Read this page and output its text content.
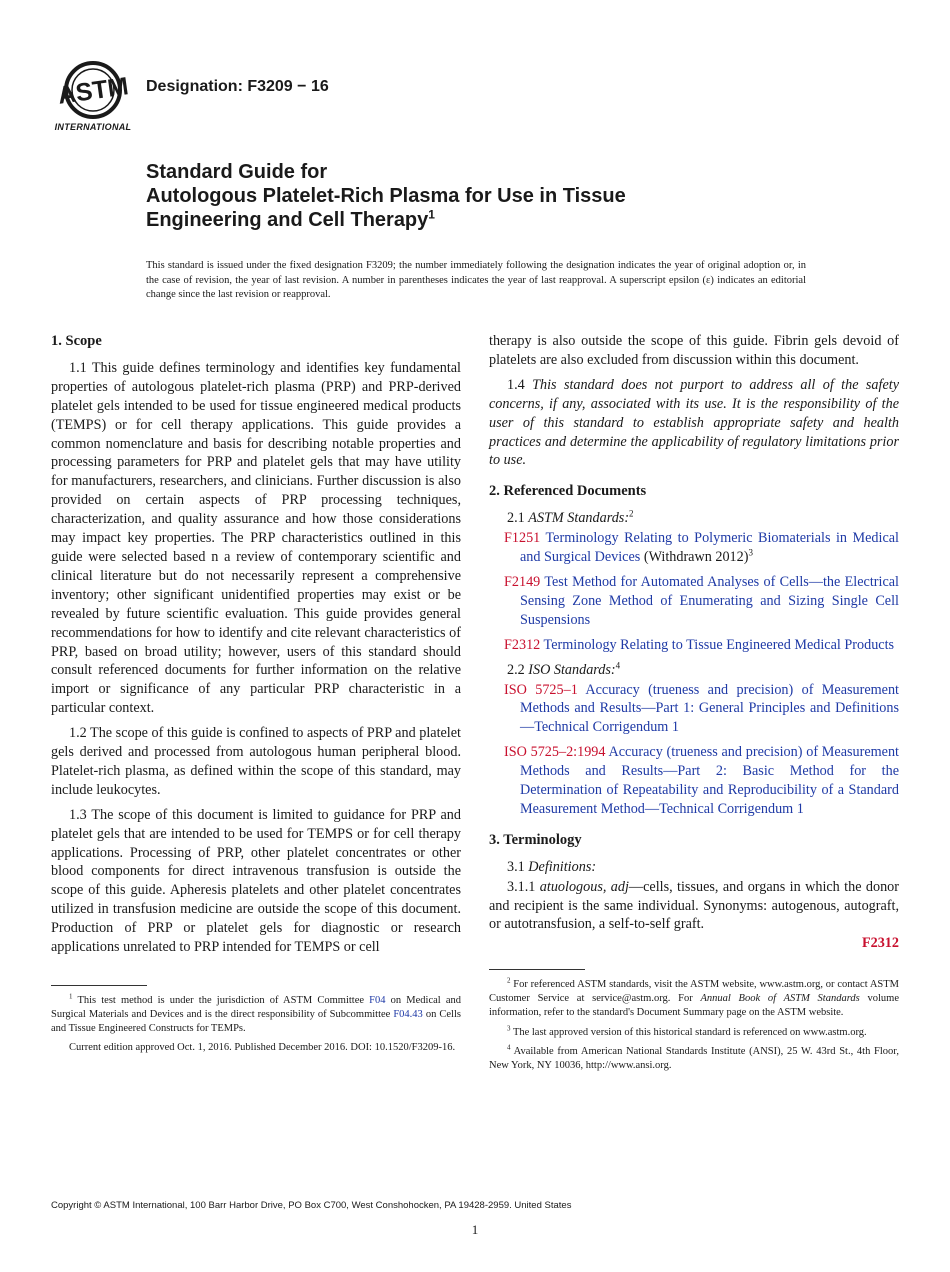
ASTM
INTERNATIONAL
Designation: F3209 − 16
Standard Guide for
Autologous Platelet-Rich Plasma for Use in Tissue
Engineering and Cell Therapy$^1$
This standard is issued under the fixed designation F3209; the number immediately following the designation indicates the year of original adoption or, in the case of revision, the year of last revision. A number in parentheses indicates the year of last reapproval. A superscript epsilon (ε) indicates an editorial change since the last revision or reapproval.
1. Scope

1.1 This guide defines terminology and identifies key fundamental properties of autologous platelet-rich plasma (PRP) and PRP-derived platelet gels intended to be used for tissue engineered medical products (TEMPS) or for cell therapy applications. This guide provides a common nomenclature and basis for describing notable properties and processing parameters for PRP and platelet gels that may have utility for manufacturers, researchers, and clinicians. Further discussion is also provided on certain aspects of PRP processing techniques, characterization, and quality assurance and how those considerations may impact key properties. The PRP characteristics outlined in this guide were selected based n a review of contemporary scientific and clinical literature but do not necessarily represent a comprehensive inventory; other significant unidentified properties may exist or be revealed by future scientific evaluation. This guide provides general recommendations for how to identify and cite relevant characteristics of PRP, based on broad utility; however, users of this standard should consult referenced documents for further information on the relative import or significance of any particular PRP characteristic in a particular context.

1.2 The scope of this guide is confined to aspects of PRP and platelet gels derived and processed from autologous human peripheral blood. Platelet-rich plasma, as defined within the scope of this standard, may include leukocytes.

1.3 The scope of this document is limited to guidance for PRP and platelet gels that are intended to be used for TEMPS or for cell therapy applications. Processing of PRP, other platelet concentrates or other blood components for direct intravenous transfusion is outside the scope of this guide. Apheresis platelets and other platelet concentrates utilized in transfusion medicine are outside the scope of this document. Production of PRP or platelet gels for diagnostic or research applications unrelated to PRP intended for TEMPS or cell

$^1$ This test method is under the jurisdiction of ASTM Committee F04 on Medical and Surgical Materials and Devices and is the direct responsibility of Subcommittee F04.43 on Cells and Tissue Engineered Constructs for TEMPs.

Current edition approved Oct. 1, 2016. Published December 2016. DOI: 10.1520/F3209-16.

therapy is also outside the scope of this guide. Fibrin gels devoid of platelets are also excluded from discussion within this document.

1.4 This standard does not purport to address all of the safety concerns, if any, associated with its use. It is the responsibility of the user of this standard to establish appropriate safety and health practices and determine the applicability of regulatory limitations prior to use.

2. Referenced Documents

2.1 ASTM Standards:$^2$

F1251 Terminology Relating to Polymeric Biomaterials in Medical and Surgical Devices (Withdrawn 2012)$^3$

F2149 Test Method for Automated Analyses of Cells—the Electrical Sensing Zone Method of Enumerating and Sizing Single Cell Suspensions

F2312 Terminology Relating to Tissue Engineered Medical Products

2.2 ISO Standards:$^4$

ISO 5725–1 Accuracy (trueness and precision) of Measurement Methods and Results—Part 1: General Principles and Definitions—Technical Corrigendum 1

ISO 5725–2:1994 Accuracy (trueness and precision) of Measurement Methods and Results—Part 2: Basic Method for the Determination of Repeatability and Reproducibility of a Standard Measurement Method—Technical Corrigendum 1

3. Terminology

3.1 Definitions:

3.1.1 atuologous, adj—cells, tissues, and organs in which the donor and recipient is the same individual. Synonyms: autogenous, autograft, or autotransfusion, a self-to-self graft.

F2312

$^2$ For referenced ASTM standards, visit the ASTM website, www.astm.org, or contact ASTM Customer Service at service@astm.org. For Annual Book of ASTM Standards volume information, refer to the standard's Document Summary page on the ASTM website.

$^3$ The last approved version of this historical standard is referenced on www.astm.org.

$^4$ Available from American National Standards Institute (ANSI), 25 W. 43rd St., 4th Floor, New York, NY 10036, http://www.ansi.org.

Copyright © ASTM International, 100 Barr Harbor Drive, PO Box C700, West Conshohocken, PA 19428-2959. United States
1
